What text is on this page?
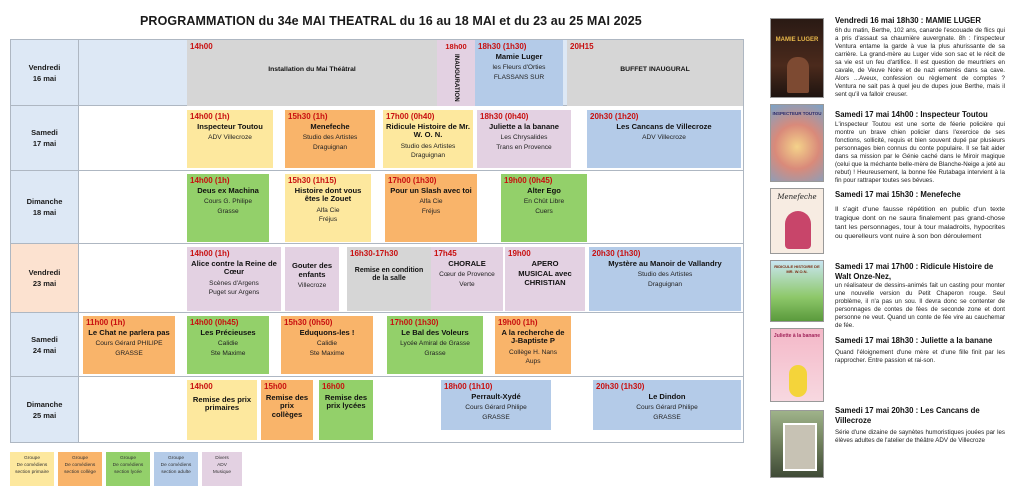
PROGRAMMATION du 34e MAI THEATRAL du 16 au 18 MAI et du 23 au 25 MAI 2025
Vendredi
16 mai
14h00
Installation du Mai Théâtral
18h00
INAUGURATION
18h30 (1h30)
Mamie Luger
les Fleurs d'Orties
FLASSANS SUR
20H15
BUFFET INAUGURAL
Samedi
17 mai
14h00 (1h)
Inspecteur Toutou
ADV Villecroze
15h30 (1h)
Menefeche
Studio des Artistes
Draguignan
17h00 (0h40)
Ridicule Histoire de Mr. W. O. N.
Studio des Artistes
Draguignan
18h30 (0h40)
Juliette a la banane
Les Chrysalides
Trans en Provence
20h30 (1h20)
Les Cancans de Villecroze
ADV Villecroze
Dimanche
18 mai
14h00 (1h)
Deus ex Machina
Cours G. Philipe
Grasse
15h30 (1h15)
Histoire dont vous êtes le Zouet
Alfa Cie
Fréjus
17h00 (1h30)
Pour un Slash avec toi
Alfa Cie
Fréjus
19h00 (0h45)
Alter Ego
En Chût Libre
Cuers
Vendredi
23 mai
14h00 (1h)
Alice contre la Reine de Cœur
Scènes d'Argens
Puget sur Argens
Gouter des enfants
Villecroze
16h30-17h30
Remise en condition de la salle
17h45
CHORALE
Cœur de Provence
Verte
19h00
APERO
MUSICAL avec
CHRISTIAN
20h30 (1h30)
Mystère au Manoir de Vallandry
Studio des Artistes
Draguignan
Samedi
24 mai
11h00 (1h)
Le Chat ne parlera pas
Cours Gérard PHILIPE
GRASSE
14h00 (0h45)
Les Précieuses
Calidie
Ste Maxime
15h30 (0h50)
Eduquons-les !
Calidie
Ste Maxime
17h00 (1h30)
Le Bal des Voleurs
Lycée Amiral de Grasse
Grasse
19h00 (1h)
A la recherche de J-Baptiste P
Collège H. Nans
Aups
Dimanche
25 mai
14h00
Remise des prix primaires
15h00
Remise des prix collèges
16h00
Remise des prix lycées
18h00 (1h10)
Perrault-Xydé
Cours Gérard Philipe
GRASSE
20h30 (1h30)
Le Dindon
Cours Gérard Philipe
GRASSE
Groupe
De comédiens
section primaire
Groupe
De comédiens
section collège
Groupe
De comédiens
section lycée
Groupe
De comédiens
section adulte
Divers
ADV
Musique
MAMIE LUGER
INSPECTEUR TOUTOU
Menefeche
RIDICULE HISTOIRE DE MR. W.O.N.
Juliette à la banane
Vendredi 16 mai 18h30 : MAMIE LUGER
6h du matin, Berthe, 102 ans, canarde l'escouade de flics qui a pris d'assaut sa chaumière auvergnate. 8h : l'inspecteur Ventura entame la garde à vue la plus ahurissante de sa carrière. La grand-mère au Luger vide son sac et le récit de sa vie est un feu d'artifice. Il est question de meurtriers en cavale, de Veuve Noire et de nazi enterrés dans sa cave. Alors ...Aveux, confession ou règlement de comptes ? Ventura ne sait pas à quel jeu de dupes joue Berthe, mais il sent qu'il va falloir creuser.
Samedi 17 mai 14h00 : Inspecteur Toutou
L'inspecteur Toutou est une sorte de féerie policière qui montre un brave chien policier dans l'exercice de ses fonctions, sollicité, requis et bien souvent dupé par plusieurs personnages bien connus du conte populaire. Il se fait aider dans sa mission par le Génie caché dans le Miroir magique (celui que la méchante belle-mère de Blanche-Neige a jeté au rebut) ! Heureusement, la bonne fée Rutabaga intervient à la fin pour rattraper toutes ses bévues.
Samedi 17 mai 15h30 : Menefeche
Il s'agit d'une fausse répétition en public d'un texte tragique dont on ne saura finalement pas grand-chose tant les personnages, tour à tour maladroits, hypocrites ou querelleurs vont nuire à son bon déroulement
Samedi 17 mai 17h00 : Ridicule Histoire de Walt Onze-Nez,
un réalisateur de dessins-animés fait un casting pour monter une nouvelle version du Petit Chaperon rouge. Seul problème, il n'a pas un sou. Il devra donc se contenter de personnages de contes de fées de seconde zone et dont personne ne veut. Quand un conte de fée vire au cauchemar de fée.
Samedi 17 mai 18h30 : Juliette a la banane
Quand l'éloignement d'une mère et d'une fille finit par les rapprocher. Entre passion et rai-son.
Samedi 17 mai 20h30 : Les Cancans de Villecroze
Série d'une dizaine de saynètes humoristiques jouées par les élèves adultes de l'atelier de théâtre ADV de Villecroze
